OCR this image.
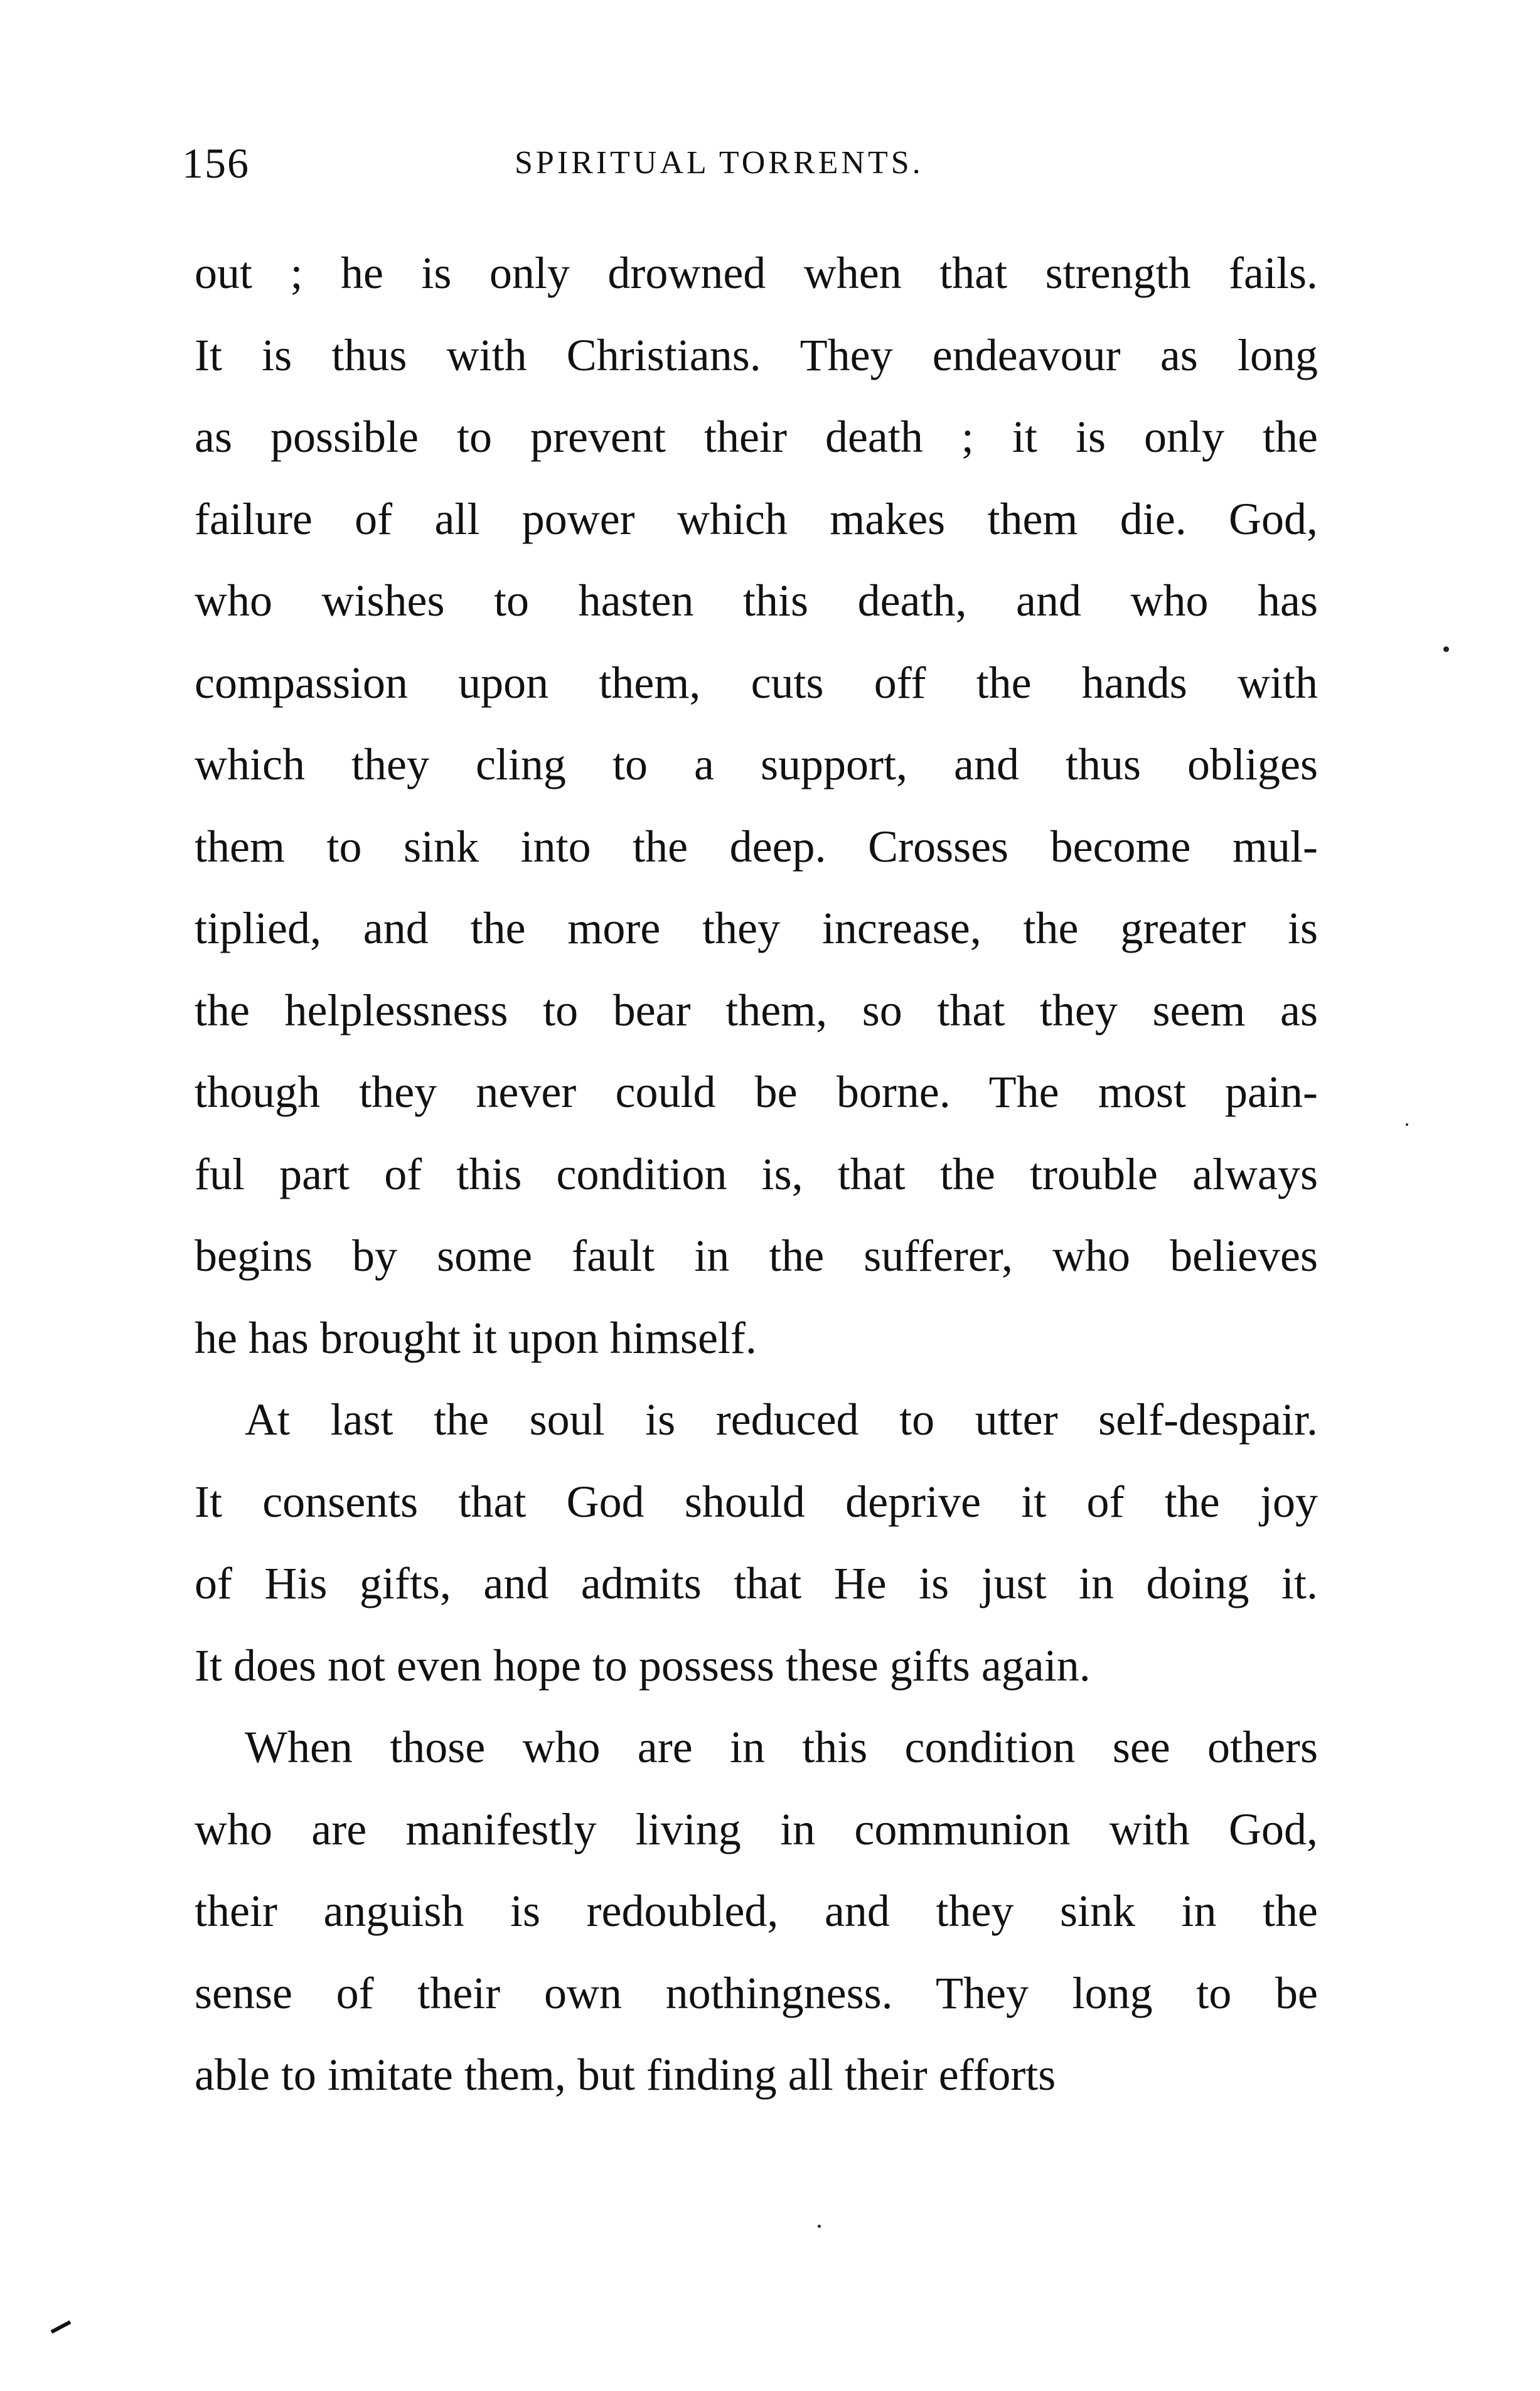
156	SPIRITUAL TORRENTS.
out ; he is only drowned when that strength fails.
It is thus with Christians. They endeavour as long
as possible to prevent their death ; it is only the
failure of all power which makes them die. God,
who wishes to hasten this death, and who has
compassion upon them, cuts off the hands with
which they cling to a support, and thus obliges
them to sink into the deep. Crosses become mul-
tiplied, and the more they increase, the greater is
the helplessness to bear them, so that they seem as
though they never could be borne. The most pain-
ful part of this condition is, that the trouble always
begins by some fault in the sufferer, who believes
he has brought it upon himself.
At last the soul is reduced to utter self-despair.
It consents that God should deprive it of the joy
of His gifts, and admits that He is just in doing it.
It does not even hope to possess these gifts again.
When those who are in this condition see others
who are manifestly living in communion with God,
their anguish is redoubled, and they sink in the
sense of their own nothingness. They long to be
able to imitate them, but finding all their efforts
